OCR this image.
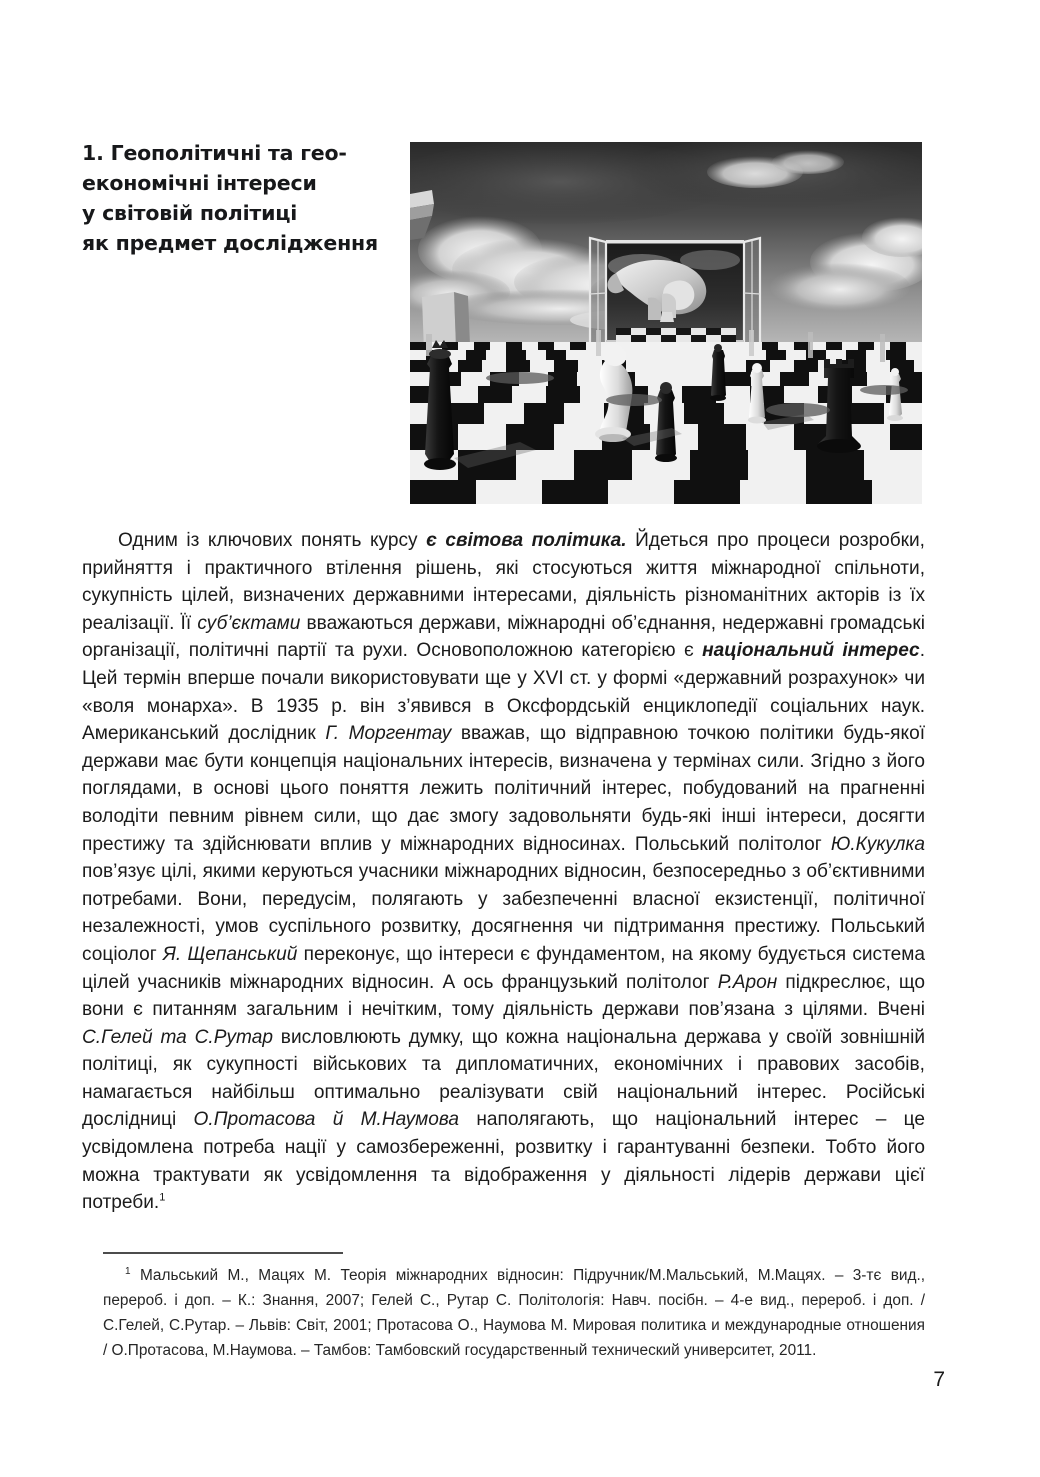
1. Геополітичні та гео-
економічні інтереси
у світовій політиці
як предмет дослідження

Одним із ключових понять курсу є світова політика. Йдеться про процеси розробки, прийняття і практичного втілення рішень, які стосуються життя міжнародної спільноти, сукупність цілей, визначених державними інтересами, діяльність різноманітних акторів із їх реалізації. Її суб’єктами вважаються держави, міжнародні об’єднання, недержавні громадські організації, політичні партії та рухи. Основоположною категорією є національний інтерес. Цей термін вперше почали використовувати ще у XVI ст. у формі «державний розрахунок» чи «воля монарха». В 1935 р. він з’явився в Оксфордській енциклопедії соціальних наук. Американський дослідник Г. Моргентау вважав, що відправною точкою політики будь-якої держави має бути концепція національних інтересів, визначена у термінах сили. Згідно з його поглядами, в основі цього поняття лежить політичний інтерес, побудований на прагненні володіти певним рівнем сили, що дає змогу задовольняти будь-які інші інтереси, досягти престижу та здійснювати вплив у міжнародних відносинах. Польський політолог Ю.Кукулка пов’язує цілі, якими керуються учасники міжнародних відносин, безпосередньо з об’єктивними потребами. Вони, передусім, полягають у забезпеченні власної екзистенції, політичної незалежності, умов суспільного розвитку, досягнення чи підтримання престижу. Польський соціолог Я. Щепанський переконує, що інтереси є фундаментом, на якому будується система цілей учасників міжнародних відносин. А ось французький політолог Р.Арон підкреслює, що вони є питанням загальним і нечітким, тому діяльність держави пов’язана з цілями. Вчені С.Гелей та С.Рутар висловлюють думку, що кожна національна держава у своїй зовнішній політиці, як сукупності військових та дипломатичних, економічних і правових засобів, намагається найбільш оптимально реалізувати свій національний інтерес. Російські дослідниці О.Протасова й М.Наумова наполягають, що національний інтерес – це усвідомлена потреба нації у самозбереженні, розвитку і гарантуванні безпеки. Тобто його можна трактувати як усвідомлення та відображення у діяльності лідерів держави цієї потреби.$^1$

$^1$ Мальський М., Мацях М. Теорія міжнародних відносин: Підручник/М.Мальський, М.Мацях. – 3-тє вид., перероб. і доп. – К.: Знання, 2007; Гелей С., Рутар С. Політологія: Навч. посібн. – 4-е вид., перероб. і доп. / С.Гелей, С.Рутар. – Львів: Світ, 2001; Протасова О., Наумова М. Мировая политика и международные отношения / О.Протасова, М.Наумова. – Тамбов: Тамбовский государственный технический университет, 2011.
7
